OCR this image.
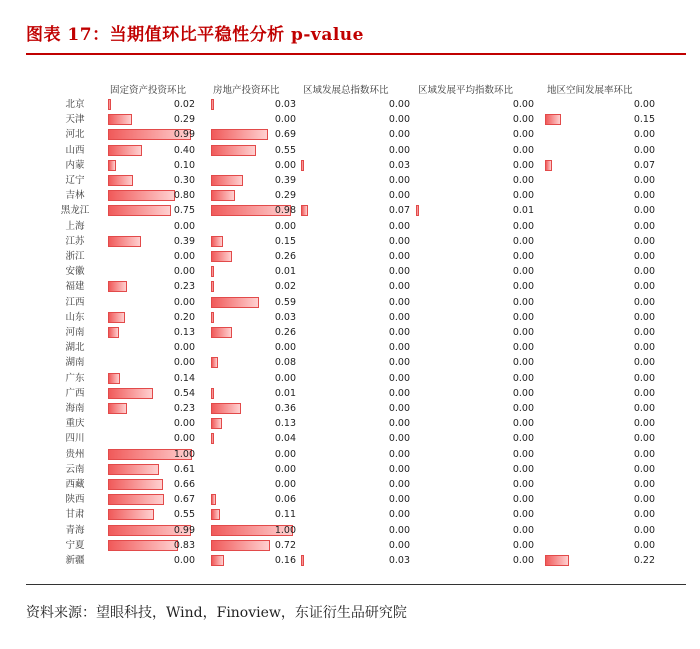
图表 17：当期值环比平稳性分析 p-value
固定资产投资环比	房地产投资环比 区域发展总指数环比	区域发展平均指数环比	地区空间发展率环比
北京	0.02	0.03	0.00	0.00	0.00
天津	0.29	0.00	0.00	0.00	0.15
河北	0.99	0.69	0.00	0.00	0.00
山西	0.40	0.55	0.00	0.00	0.00
内蒙	0.10	0.00	0.03	0.00	0.07
辽宁	0.30	0.39	0.00	0.00	0.00
吉林	0.80	0.29	0.00	0.00	0.00
黑龙江	0.75	0.98	0.07	0.01	0.00
上海	0.00	0.00	0.00	0.00	0.00
江苏	0.39	0.15	0.00	0.00	0.00
浙江	0.00	0.26	0.00	0.00	0.00
安徽	0.00	0.01	0.00	0.00	0.00
福建	0.23	0.02	0.00	0.00	0.00
江西	0.00	0.59	0.00	0.00	0.00
山东	0.20	0.03	0.00	0.00	0.00
河南	0.13	0.26	0.00	0.00	0.00
湖北	0.00	0.00	0.00	0.00	0.00
湖南	0.00	0.08	0.00	0.00	0.00
广东	0.14	0.00	0.00	0.00	0.00
广西	0.54	0.01	0.00	0.00	0.00
海南	0.23	0.36	0.00	0.00	0.00
重庆	0.00	0.13	0.00	0.00	0.00
四川	0.00	0.04	0.00	0.00	0.00
贵州	1.00	0.00	0.00	0.00	0.00
云南	0.61	0.00	0.00	0.00	0.00
西藏	0.66	0.00	0.00	0.00	0.00
陕西	0.67	0.06	0.00	0.00	0.00
甘肃	0.55	0.11	0.00	0.00	0.00
青海	0.99	1.00	0.00	0.00	0.00
宁夏	0.83	0.72	0.00	0.00	0.00
新疆	0.00	0.16	0.03	0.00	0.22
资料来源：望眼科技，Wind，Finoview，东证衍生品研究院
